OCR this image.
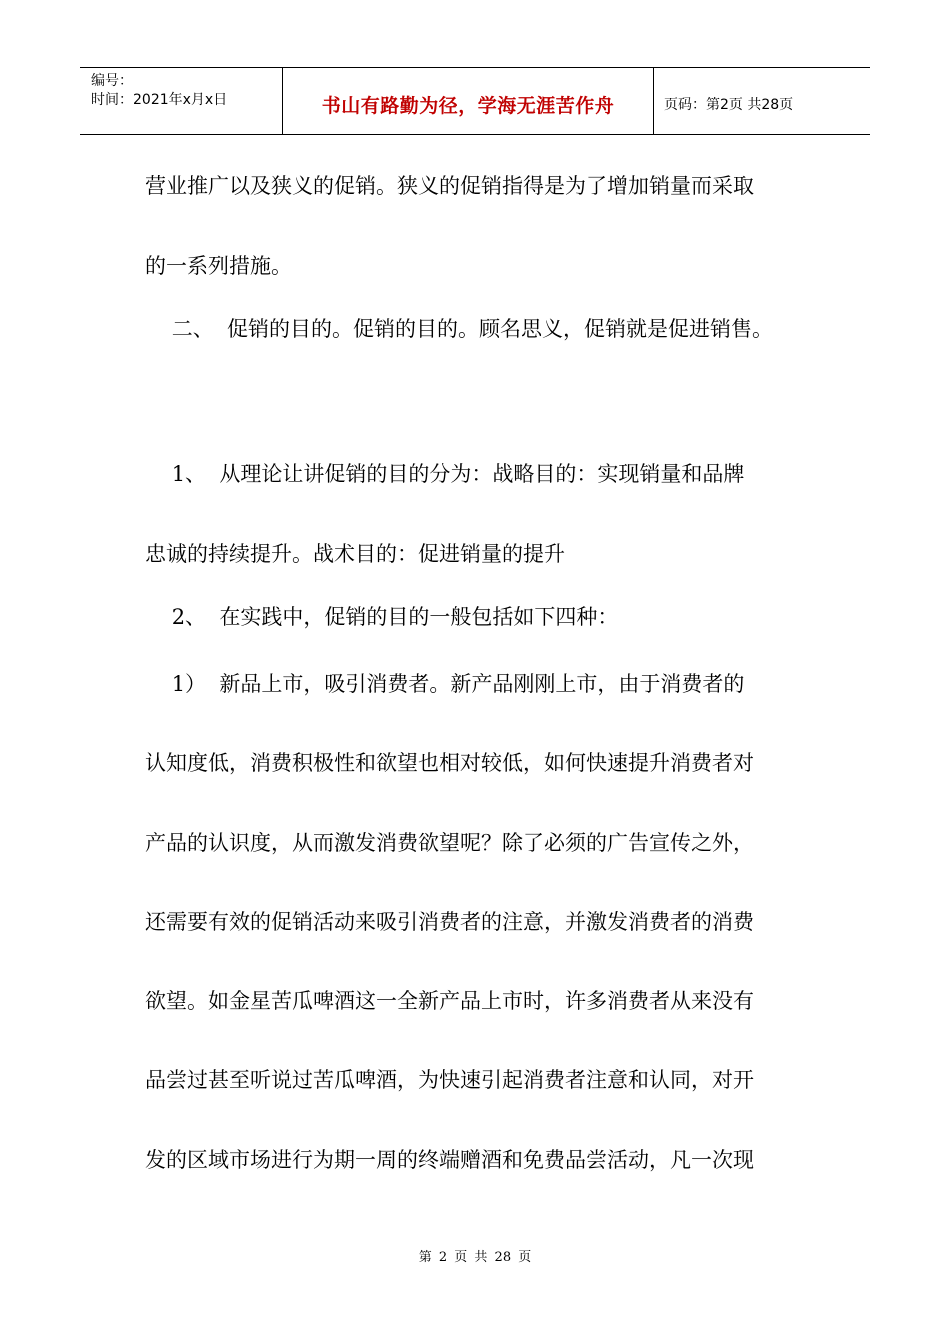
编号：
时间：2021年x月x日	书山有路勤为径，学海无涯苦作舟	页码：第2页 共28页
营业推广以及狭义的促销。狭义的促销指得是为了增加销量而采取
的一系列措施。
二、  促销的目的。促销的目的。顾名思义，促销就是促进销售。
1、  从理论让讲促销的目的分为：战略目的：实现销量和品牌
忠诚的持续提升。战术目的：促进销量的提升
2、  在实践中，促销的目的一般包括如下四种：
1）  新品上市，吸引消费者。新产品刚刚上市，由于消费者的
认知度低，消费积极性和欲望也相对较低，如何快速提升消费者对
产品的认识度，从而激发消费欲望呢？除了必须的广告宣传之外，
还需要有效的促销活动来吸引消费者的注意，并激发消费者的消费
欲望。如金星苦瓜啤酒这一全新产品上市时，许多消费者从来没有
品尝过甚至听说过苦瓜啤酒，为快速引起消费者注意和认同，对开
发的区域市场进行为期一周的终端赠酒和免费品尝活动，凡一次现
第 2 页 共 28 页
